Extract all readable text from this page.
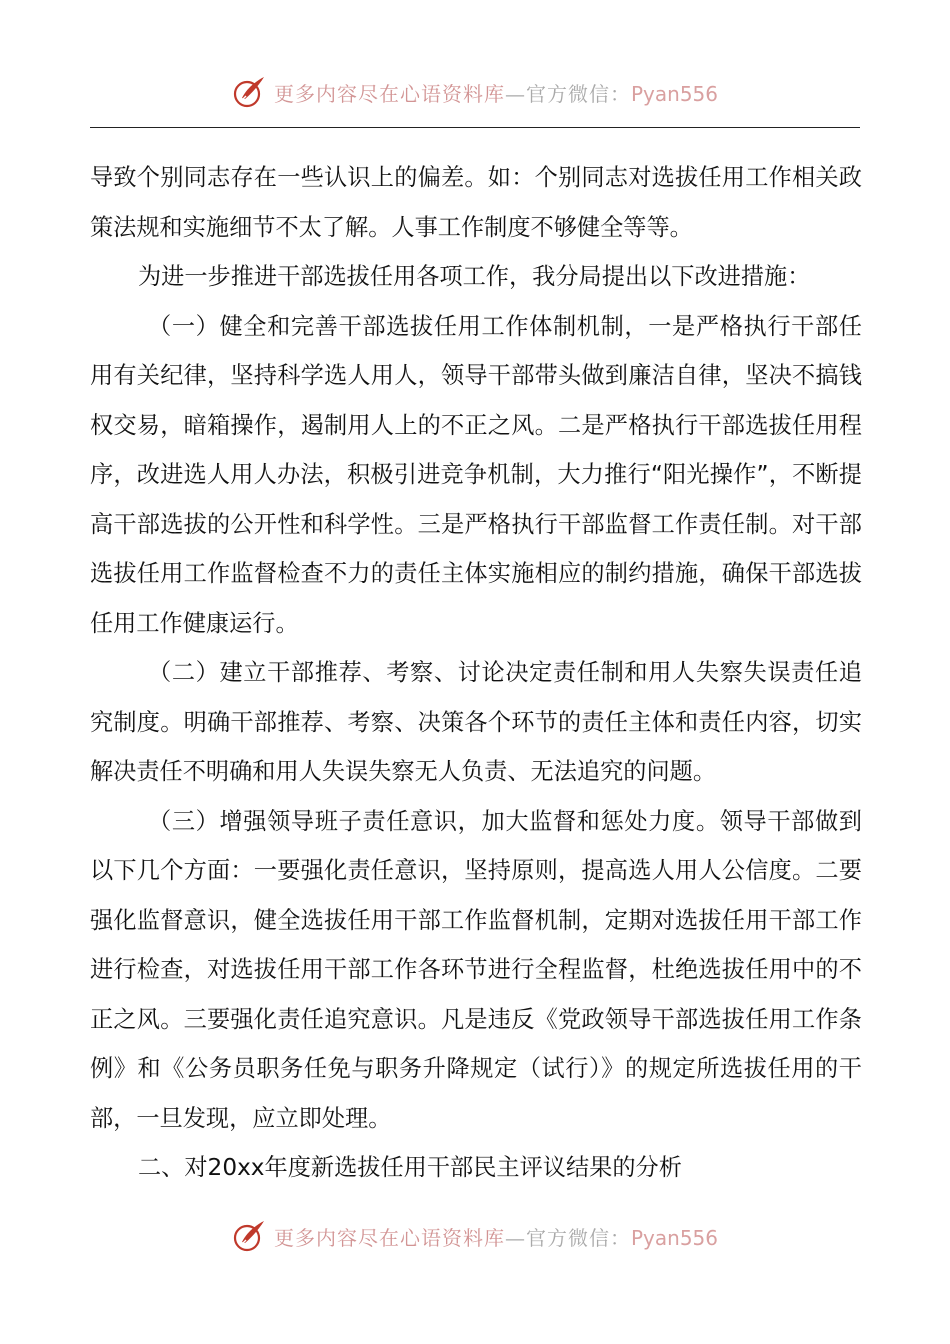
更多内容尽在心语资料库—官方微信：Pyan556

导致个别同志存在一些认识上的偏差。如：个别同志对选拔任用工作相关政策法规和实施细节不太了解。人事工作制度不够健全等等。

为进一步推进干部选拔任用各项工作，我分局提出以下改进措施：

（一）健全和完善干部选拔任用工作体制机制，一是严格执行干部任用有关纪律，坚持科学选人用人，领导干部带头做到廉洁自律，坚决不搞钱权交易，暗箱操作，遏制用人上的不正之风。二是严格执行干部选拔任用程序，改进选人用人办法，积极引进竞争机制，大力推行“阳光操作”，不断提高干部选拔的公开性和科学性。三是严格执行干部监督工作责任制。对干部选拔任用工作监督检查不力的责任主体实施相应的制约措施，确保干部选拔任用工作健康运行。

（二）建立干部推荐、考察、讨论决定责任制和用人失察失误责任追究制度。明确干部推荐、考察、决策各个环节的责任主体和责任内容，切实解决责任不明确和用人失误失察无人负责、无法追究的问题。

（三）增强领导班子责任意识，加大监督和惩处力度。领导干部做到以下几个方面：一要强化责任意识，坚持原则，提高选人用人公信度。二要强化监督意识，健全选拔任用干部工作监督机制，定期对选拔任用干部工作进行检查，对选拔任用干部工作各环节进行全程监督，杜绝选拔任用中的不正之风。三要强化责任追究意识。凡是违反《党政领导干部选拔任用工作条例》和《公务员职务任免与职务升降规定（试行）》的规定所选拔任用的干部，一旦发现，应立即处理。

二、对20xx年度新选拔任用干部民主评议结果的分析

更多内容尽在心语资料库—官方微信：Pyan556
